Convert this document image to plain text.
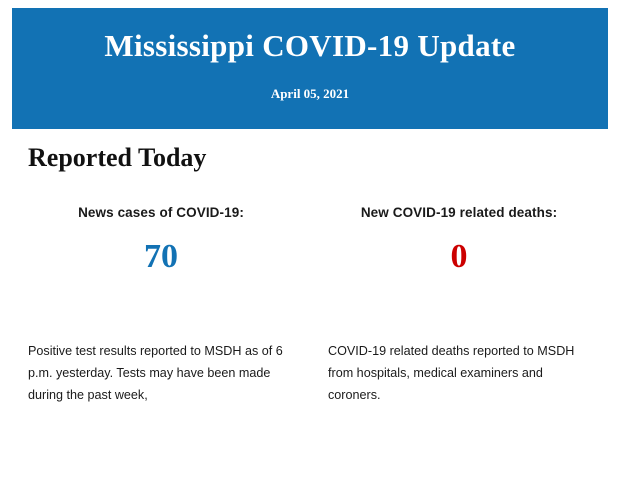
Mississippi COVID-19 Update
April 05, 2021
Reported Today
News cases of COVID-19:
70
New COVID-19 related deaths:
0
Positive test results reported to MSDH as of 6 p.m. yesterday. Tests may have been made during the past week,
COVID-19 related deaths reported to MSDH from hospitals, medical examiners and coroners.
